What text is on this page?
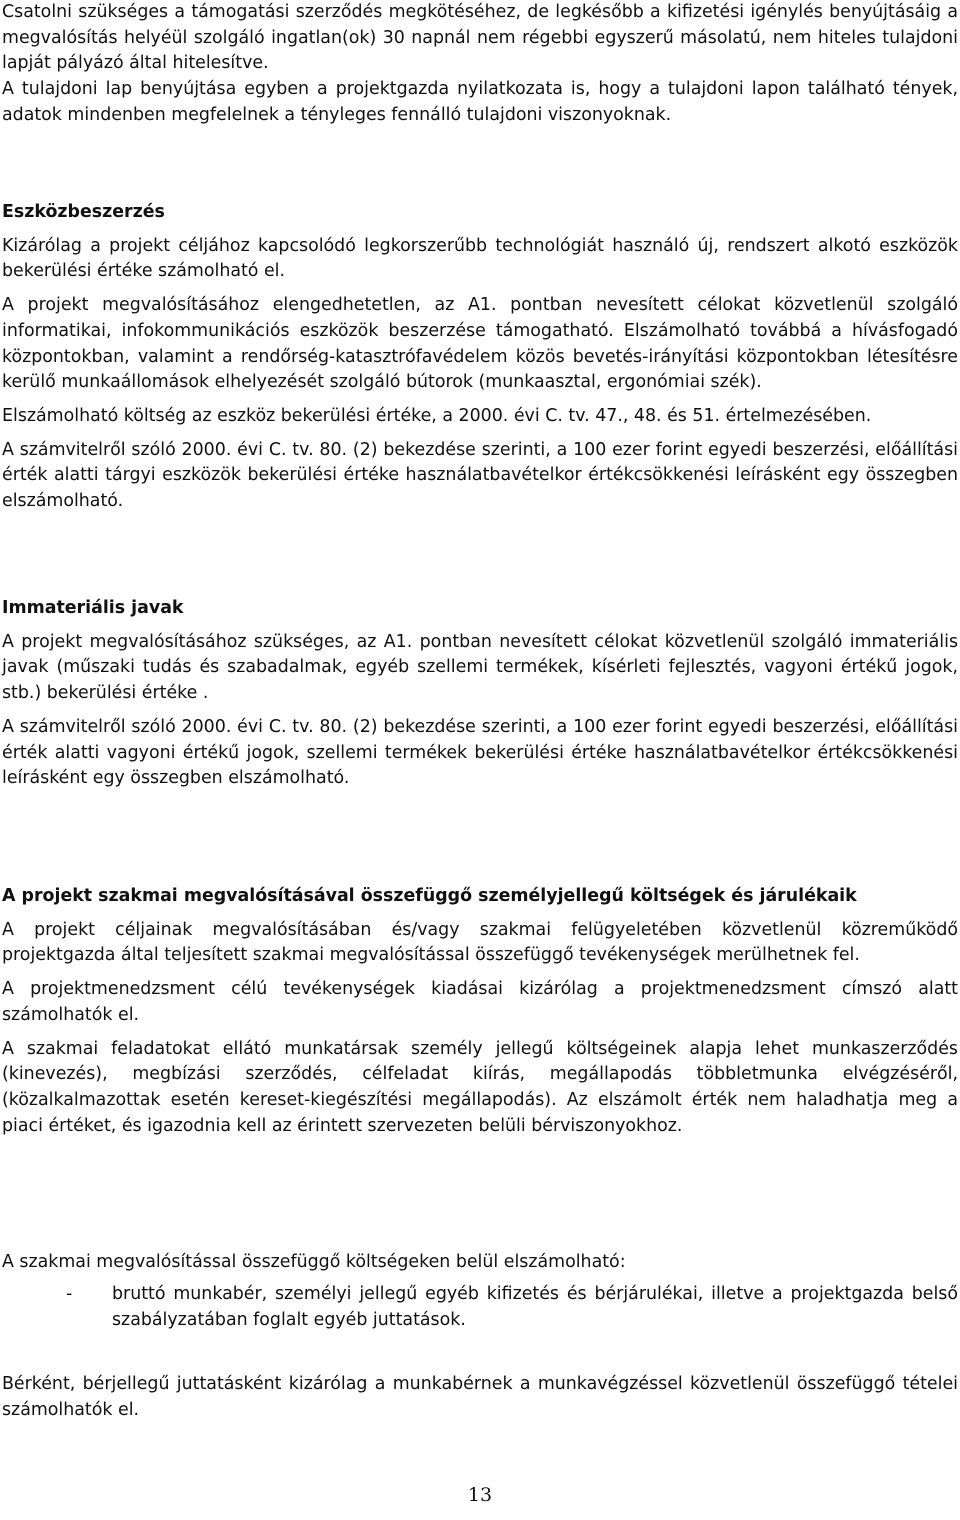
Csatolni szükséges a támogatási szerződés megkötéséhez, de legkésőbb a kifizetési igénylés benyújtásáig a megvalósítás helyéül szolgáló ingatlan(ok) 30 napnál nem régebbi egyszerű másolatú, nem hiteles tulajdoni lapját pályázó által hitelesítve.

A tulajdoni lap benyújtása egyben a projektgazda nyilatkozata is, hogy a tulajdoni lapon található tények, adatok mindenben megfelelnek a tényleges fennálló tulajdoni viszonyoknak.

Eszközbeszerzés

Kizárólag a projekt céljához kapcsolódó legkorszerűbb technológiát használó új, rendszert alkotó eszközök bekerülési értéke számolható el.

A projekt megvalósításához elengedhetetlen, az A1. pontban nevesített célokat közvetlenül szolgáló informatikai, infokommunikációs eszközök beszerzése támogatható. Elszámolható továbbá a hívásfogadó központokban, valamint a rendőrség-katasztrófavédelem közös bevetés-irányítási központokban létesítésre kerülő munkaállomások elhelyezését szolgáló bútorok (munkaasztal, ergonómiai szék).

Elszámolható költség az eszköz bekerülési értéke, a 2000. évi C. tv. 47., 48. és 51. értelmezésében.

A számvitelről szóló 2000. évi C. tv. 80. (2) bekezdése szerinti, a 100 ezer forint egyedi beszerzési, előállítási érték alatti tárgyi eszközök bekerülési értéke használatbavételkor értékcsökkenési leírásként egy összegben elszámolható.

Immateriális javak

A projekt megvalósításához szükséges, az A1. pontban nevesített célokat közvetlenül szolgáló immateriális javak (műszaki tudás és szabadalmak, egyéb szellemi termékek, kísérleti fejlesztés, vagyoni értékű jogok, stb.) bekerülési értéke .

A számvitelről szóló 2000. évi C. tv. 80. (2) bekezdése szerinti, a 100 ezer forint egyedi beszerzési, előállítási érték alatti vagyoni értékű jogok, szellemi termékek bekerülési értéke használatbavételkor értékcsökkenési leírásként egy összegben elszámolható.

A projekt szakmai megvalósításával összefüggő személyjellegű költségek és járulékaik

A projekt céljainak megvalósításában és/vagy szakmai felügyeletében közvetlenül közreműködő projektgazda által teljesített szakmai megvalósítással összefüggő tevékenységek merülhetnek fel.

A projektmenedzsment célú tevékenységek kiadásai kizárólag a projektmenedzsment címszó alatt számolhatók el.

A szakmai feladatokat ellátó munkatársak személy jellegű költségeinek alapja lehet munkaszerződés (kinevezés), megbízási szerződés, célfeladat kiírás, megállapodás többletmunka elvégzéséről, (közalkalmazottak esetén kereset-kiegészítési megállapodás). Az elszámolt érték nem haladhatja meg a piaci értéket, és igazodnia kell az érintett szervezeten belüli bérviszonyokhoz.

A szakmai megvalósítással összefüggő költségeken belül elszámolható:

-	bruttó munkabér, személyi jellegű egyéb kifizetés és bérjárulékai, illetve a projektgazda belső szabályzatában foglalt egyéb juttatások.

Bérként, bérjellegű juttatásként kizárólag a munkabérnek a munkavégzéssel közvetlenül összefüggő tételei számolhatók el.

13
